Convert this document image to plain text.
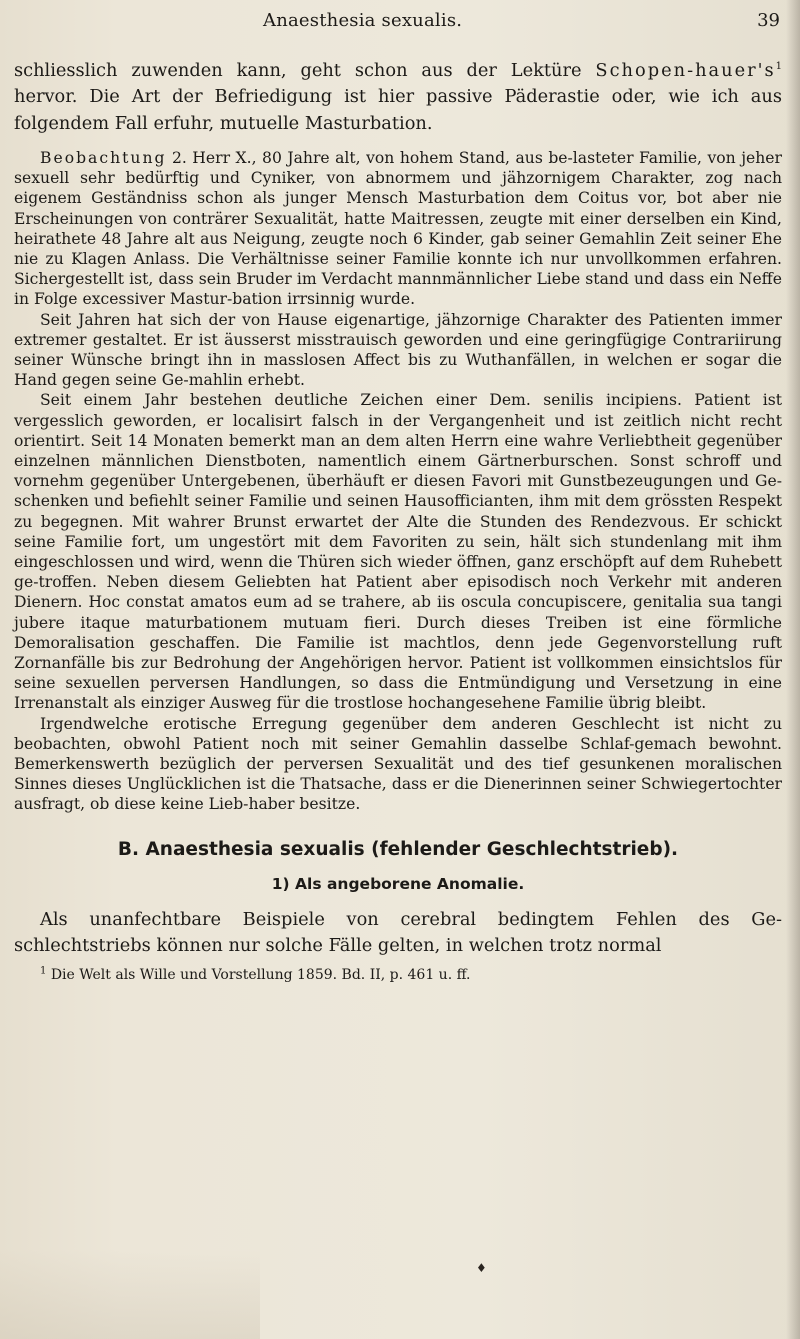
Anaesthesia sexualis.	39

schliesslich zuwenden kann, geht schon aus der Lektüre Schopen-$hauer's^1$ hervor. Die Art der Befriedigung ist hier passive Päderastie oder, wie ich aus folgendem Fall erfuhr, mutuelle Masturbation.

Beobachtung 2. Herr X., 80 Jahre alt, von hohem Stand, aus be-lasteter Familie, von jeher sexuell sehr bedürftig und Cyniker, von abnormem und jähzornigem Charakter, zog nach eigenem Geständniss schon als junger Mensch Masturbation dem Coitus vor, bot aber nie Erscheinungen von conträrer Sexualität, hatte Maitressen, zeugte mit einer derselben ein Kind, heirathete 48 Jahre alt aus Neigung, zeugte noch 6 Kinder, gab seiner Gemahlin Zeit seiner Ehe nie zu Klagen Anlass. Die Verhältnisse seiner Familie konnte ich nur unvollkommen erfahren. Sichergestellt ist, dass sein Bruder im Verdacht mannmännlicher Liebe stand und dass ein Neffe in Folge excessiver Mastur-bation irrsinnig wurde.

Seit Jahren hat sich der von Hause eigenartige, jähzornige Charakter des Patienten immer extremer gestaltet. Er ist äusserst misstrauisch geworden und eine geringfügige Contrariirung seiner Wünsche bringt ihn in masslosen Affect bis zu Wuthanfällen, in welchen er sogar die Hand gegen seine Ge-mahlin erhebt.

Seit einem Jahr bestehen deutliche Zeichen einer Dem. senilis incipiens. Patient ist vergesslich geworden, er localisirt falsch in der Vergangenheit und ist zeitlich nicht recht orientirt. Seit 14 Monaten bemerkt man an dem alten Herrn eine wahre Verliebtheit gegenüber einzelnen männlichen Dienstboten, namentlich einem Gärtnerburschen. Sonst schroff und vornehm gegenüber Untergebenen, überhäuft er diesen Favori mit Gunstbezeugungen und Ge-schenken und befiehlt seiner Familie und seinen Hausofficianten, ihm mit dem grössten Respekt zu begegnen. Mit wahrer Brunst erwartet der Alte die Stunden des Rendezvous. Er schickt seine Familie fort, um ungestört mit dem Favoriten zu sein, hält sich stundenlang mit ihm eingeschlossen und wird, wenn die Thüren sich wieder öffnen, ganz erschöpft auf dem Ruhebett ge-troffen. Neben diesem Geliebten hat Patient aber episodisch noch Verkehr mit anderen Dienern. Hoc constat amatos eum ad se trahere, ab iis oscula concupiscere, genitalia sua tangi jubere itaque maturbationem mutuam fieri. Durch dieses Treiben ist eine förmliche Demoralisation geschaffen. Die Familie ist machtlos, denn jede Gegenvorstellung ruft Zornanfälle bis zur Bedrohung der Angehörigen hervor. Patient ist vollkommen einsichtslos für seine sexuellen perversen Handlungen, so dass die Entmündigung und Versetzung in eine Irrenanstalt als einziger Ausweg für die trostlose hochangesehene Familie übrig bleibt.

Irgendwelche erotische Erregung gegenüber dem anderen Geschlecht ist nicht zu beobachten, obwohl Patient noch mit seiner Gemahlin dasselbe Schlaf-gemach bewohnt. Bemerkenswerth bezüglich der perversen Sexualität und des tief gesunkenen moralischen Sinnes dieses Unglücklichen ist die Thatsache, dass er die Dienerinnen seiner Schwiegertochter ausfragt, ob diese keine Lieb-haber besitze.

B. Anaesthesia sexualis (fehlender Geschlechtstrieb).
1) Als angeborene Anomalie.

Als unanfechtbare Beispiele von cerebral bedingtem Fehlen des Ge-schlechtstriebs können nur solche Fälle gelten, in welchen trotz normal

$^1$ Die Welt als Wille und Vorstellung 1859. Bd. II, p. 461 u. ff.

♦
